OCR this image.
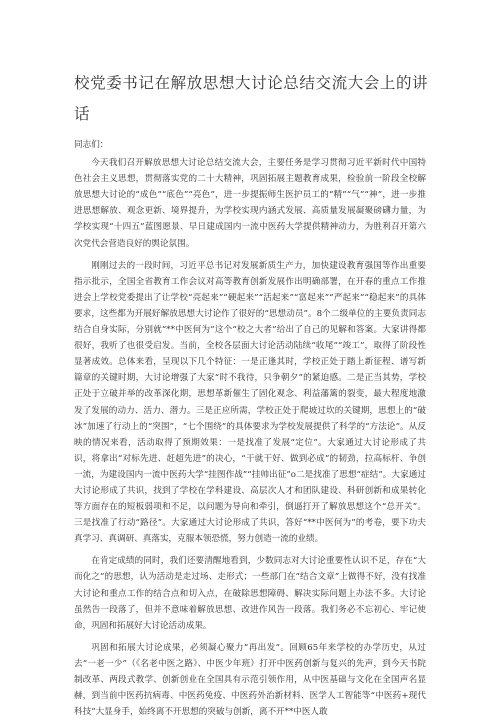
校党委书记在解放思想大讨论总结交流大会上的讲话

同志们：

今天我们召开解放思想大讨论总结交流大会，主要任务是学习贯彻习近平新时代中国特色社会主义思想，贯彻落实党的二十大精神，巩固拓展主题教育成果，检验前一阶段全校解放思想大讨论的“成色”“底色”“亮色”，进一步提振师生医护员工的“精”“气”“神”，进一步推进思想解放、观念更新、境界提升，为学校实现内涵式发展、高质量发展凝聚磅礴力量，为学校实现“十四五”蓝图愿景、早日建成国内一流中医药大学提供精神动力，为胜利召开第六次党代会营造良好的舆论氛围。

刚刚过去的一段时间，习近平总书记对发展新质生产力，加快建设教育强国等作出重要指示批示，全国全省教育工作会议对高等教育创新发展作出明确部署，在开春的重点工作推进会上学校党委提出了让学校“亮起来”“硬起来”“活起来”“富起来”“严起来”“稳起来”的具体要求，这些都为开展好解放思想大讨论作了很好的“思想动员”。8个二级单位的主要负责同志结合自身实际，分别就“**中医何为”这个“校之大者”给出了自己的见解和答案。大家讲得都很好，我听了也很受启发。当前，全校各层面大讨论活动陆续“收尾”“竣工”，取得了阶段性显著成效。总体来看，呈现以下几个特征：一是正逢其时，学校正处于踏上新征程、谱写新篇章的关键时期，大讨论增强了大家“时不我待，只争朝夕”的紧迫感。二是正当其势，学校正处于立破并举的改革深化期，思想革新催生了固化观念、利益藩篱的裂变，最大程度地激发了发展的动力、活力、潜力。三是正应所需，学校正处于爬坡过坎的关键期，思想上的“破冰”加速了行动上的“突围”，“七个围绕”的具体要求为学校发展提供了科学的“方法论”。从反映的情况来看，活动取得了预期效果：一是找准了发展“定位”。大家通过大讨论形成了共识，将拿出“对标先进、赶超先进”的决心，“干就干好、做到必成”的韧劲，拉高标杆、争创一流，为建设国内一流中医药大学“挂图作战”“挂帅出征”o二是找准了思想“症结”。大家通过大讨论形成了共识，找到了学校在学科建设、高层次人才和团队建设、科研创新和成果转化等方面存在的短板弱项和不足，以问题为导向和牵引，倒逼打开了解放思想这个“总开关”。三是找准了行动“路径”。大家通过大讨论形成了共识，答好“**中医何为”的考卷，要下功夫真学习、真调研、真落实，克服本领恐慌，努力创造一流的业绩。

在肯定成绩的同时，我们还要清醒地看到，少数同志对大讨论重要性认识不足，存在“大而化之”的思想，认为活动是走过场、走形式；一些部门在“结合文章”上做得不好，没有找准大讨论和重点工作的结合点和切入点，在破除思想障碍、解决实际问题上办法不多。大讨论虽然告一段落了，但并不意味着解放思想、改进作风告一段落。我们务必不忘初心、牢记使命，巩固和拓展好大讨论活动成果。

巩固和拓展大讨论成果，必须凝心聚力“再出发”。回顾65年来学校的办学历史，从过去“一老一少”（《名老中医之路》、中医少年班）打开中医药创新与复兴的先声，到今天书院制改革、两段式教学、创新创业在全国具有示范引领作用，从中医基础与文化在全国声名显赫，到当前中医药抗病毒、中医药免疫、中医药外治新材料、医学人工智能等“中医药+现代科技”大显身手，始终离不开思想的突破与创新，离不开**中医人敢
